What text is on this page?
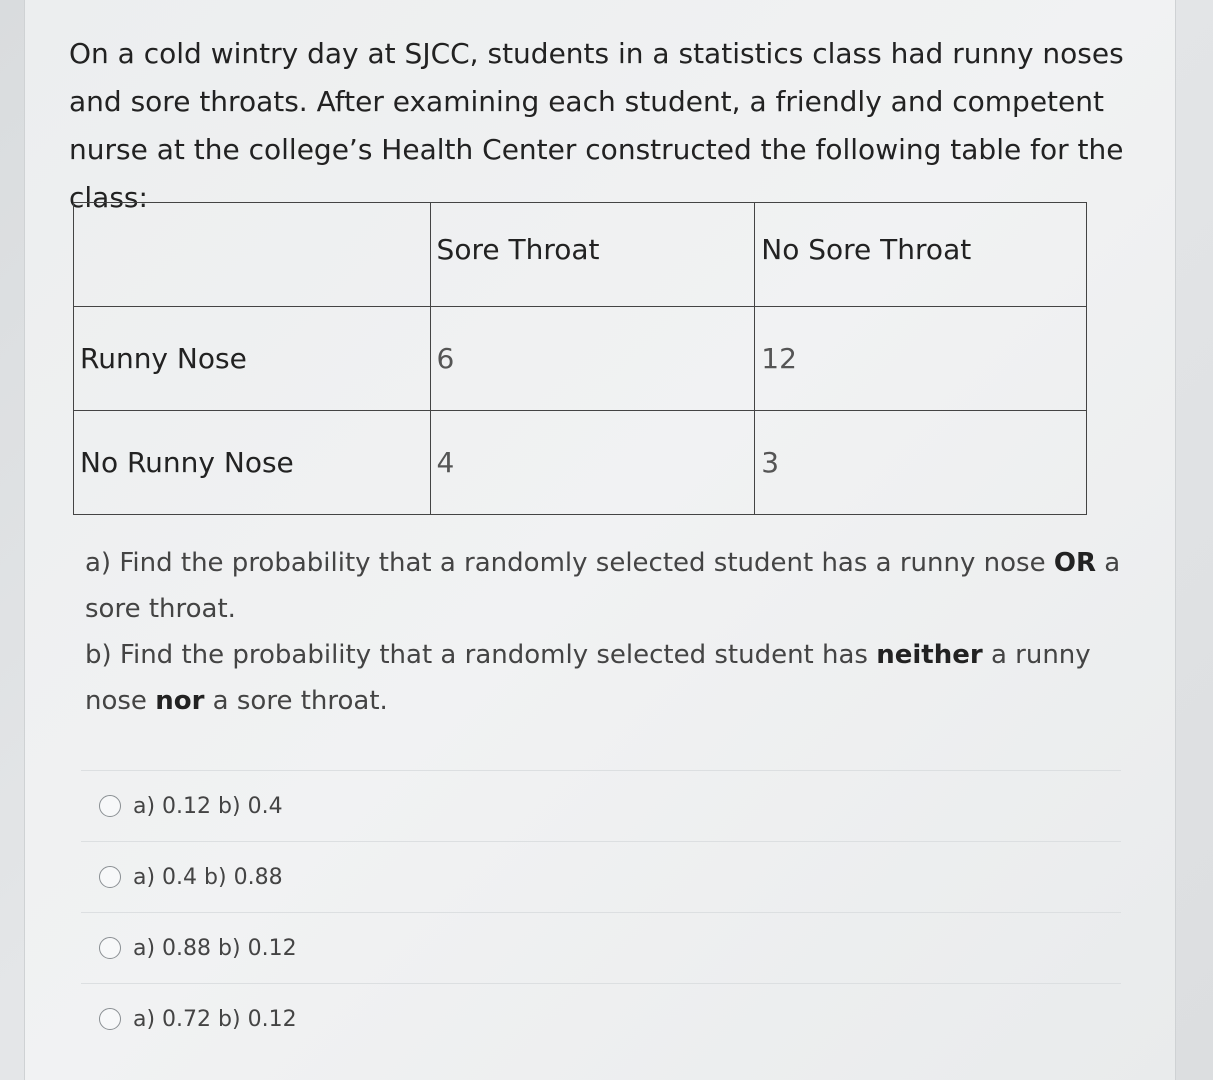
On a cold wintry day at SJCC, students in a statistics class had runny noses and sore throats. After examining each student, a friendly and competent nurse at the college’s Health Center constructed the following table for the class:

	Sore Throat	No Sore Throat
Runny Nose	6	12
No Runny Nose	4	3

a) Find the probability that a randomly selected student has a runny nose OR a sore throat.

b) Find the probability that a randomly selected student has neither a runny nose nor a sore throat.

a) 0.12 b) 0.4
a) 0.4 b) 0.88
a) 0.88 b) 0.12
a) 0.72 b) 0.12
